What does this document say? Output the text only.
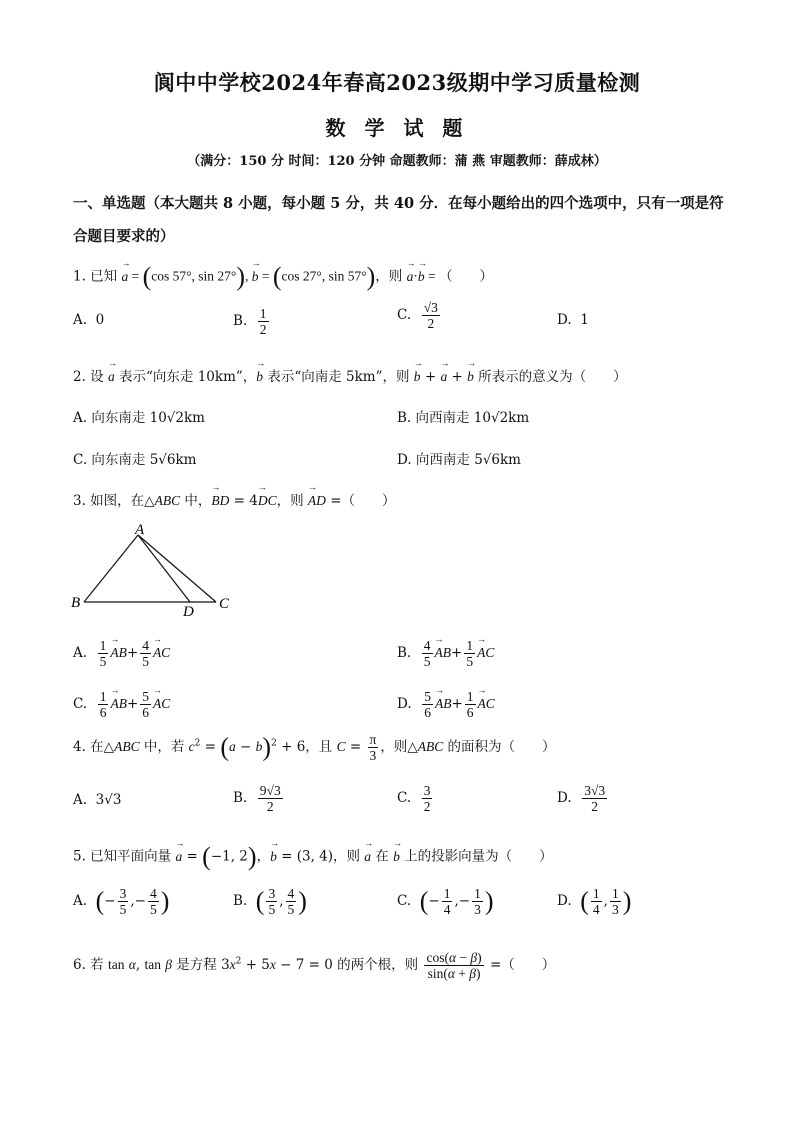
阆中中学校2024年春高2023级期中学习质量检测
数 学 试 题
（满分：150 分 时间：120 分钟 命题教师：蒲 燕 审题教师：薛成林）
一、单选题（本大题共 8 小题，每小题 5 分，共 40 分．在每小题给出的四个选项中，只有一项是符合题目要求的）
1. 已知 → a = (cos 57°, sin 27°), → b = (cos 27°, sin 57°)，则 → a·→ b = （　　）
A.  0	B. $\frac{1}{2}$	C. $\frac{√3}{2}$	D.  1
2. 设 → a 表示“向东走 10km”，→ b 表示“向南走 5km”，则 → b + → a + → b 所表示的意义为（　　）
A. 向东南走 10√2km	B. 向西南走 10√2km
C. 向东南走 5√6km	D. 向西南走 5√6km
3. 如图，在△ABC 中，→ BD = 4→ DC，则 → AD =（　　）
A
B
D C
A. $\frac{1}{5}$
→ $AB+ \frac{4}{5}$
→ AC	B. $\frac{4}{5}$
→ $AB+ \frac{1}{5}$
→ AC
C. $\frac{1}{6}$
→ $AB+ \frac{5}{6}$
→ AC	D. $\frac{5}{6}$
→ $AB+ \frac{1}{6}$
→ AC
4. 在△ABC 中，若 $c^2 = (a - b)^2 + 6$，且 $C = \frac{\pi}{3}$ ，则△ABC 的面积为（　　）
A.  3√3	B. $\frac{9√3}{2}$	C. $\frac{3}{2}$	D. $\frac{3√3}{2}$
5. 已知平面向量 → a = (−1, 2)，→ b = (3, 4)，则 → a 在 → b 上的投影向量为（　　）
A.  (− $\frac{3}{5}$ ,− $\frac{4}{5}$ )	B.  ( $\frac{3}{5}$ , $\frac{4}{5}$ )	C.  (− $\frac{1}{4}$ ,− $\frac{1}{3}$ )	D.  ( $\frac{1}{4}$ , $\frac{1}{3}$ )
6. 若 tan α, tan β 是方程 $3x^2 + 5x - 7 = 0$ 的两个根，则 $\frac{\cos(\alpha - \beta)}{\sin(\alpha + \beta)}$ =（　　）
